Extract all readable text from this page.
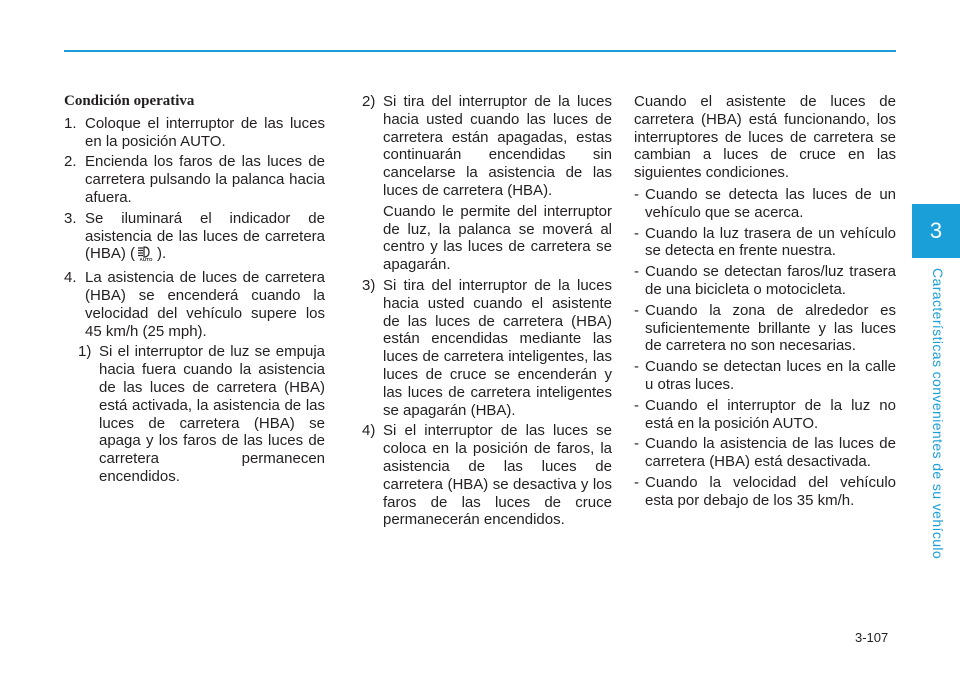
3
Características convenientes de su vehículo
Condición operativa
1. Coloque el interruptor de las luces en la posición AUTO.
2. Encienda los faros de las luces de carretera pulsando la palanca hacia afuera.
3. Se iluminará el indicador de asistencia de las luces de carretera (HBA) ( AUTO ).
4. La asistencia de luces de carretera (HBA) se encenderá cuando la velocidad del vehículo supere los 45 km/h (25 mph).
1) Si el interruptor de luz se empuja hacia fuera cuando la asistencia de las luces de carretera (HBA) está activada, la asistencia de las luces de carretera (HBA) se apaga y los faros de las luces de carretera permanecen encendidos.
2) Si tira del interruptor de la luces hacia usted cuando las luces de carretera están apagadas, estas continuarán encendidas sin cancelarse la asistencia de las luces de carretera (HBA).
Cuando le permite del interruptor de luz, la palanca se moverá al centro y las luces de carretera se apagarán.
3) Si tira del interruptor de la luces hacia usted cuando el asistente de las luces de carretera (HBA) están encendidas mediante las luces de carretera inteligentes, las luces de cruce se encenderán y las luces de carretera inteligentes se apagarán (HBA).
4) Si el interruptor de las luces se coloca en la posición de faros, la asistencia de las luces de carretera (HBA) se desactiva y los faros de las luces de cruce permanecerán encendidos.

Cuando el asistente de luces de carretera (HBA) está funcionando, los interruptores de luces de carretera se cambian a luces de cruce en las siguientes condiciones.

- Cuando se detecta las luces de un vehículo que se acerca.
- Cuando la luz trasera de un vehículo se detecta en frente nuestra.
- Cuando se detectan faros/luz trasera de una bicicleta o motocicleta.
- Cuando la zona de alrededor es suficientemente brillante y las luces de carretera no son necesarias.
- Cuando se detectan luces en la calle u otras luces.
- Cuando el interruptor de la luz no está en la posición AUTO.
- Cuando la asistencia de las luces de carretera (HBA) está desactivada.
- Cuando la velocidad del vehículo esta por debajo de los 35 km/h.
3-107
